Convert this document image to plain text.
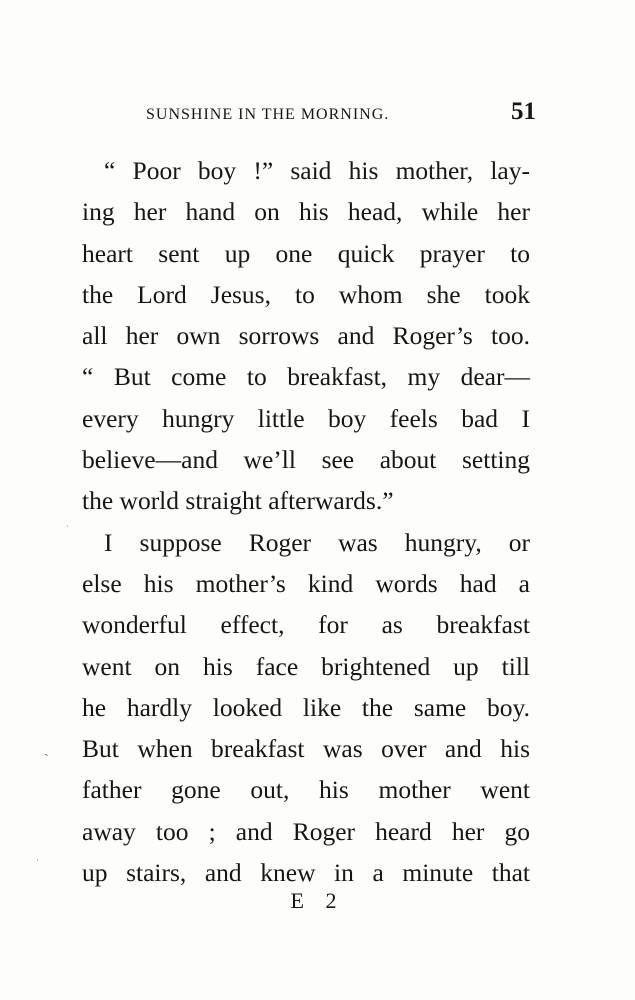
SUNSHINE IN THE MORNING.	51
“ Poor boy !” said his mother, lay-
ing her hand on his head, while her
heart sent up one quick prayer to
the Lord Jesus, to whom she took
all her own sorrows and Roger’s too.
“ But come to breakfast, my dear—
every hungry little boy feels bad I
believe—and we’ll see about setting
the world straight afterwards.”
I suppose Roger was hungry, or
else his mother’s kind words had a
wonderful effect, for as breakfast
went on his face brightened up till
he hardly looked like the same boy.
But when breakfast was over and his
father gone out, his mother went
away too ; and Roger heard her go
up stairs, and knew in a minute that
E 2
ˏ
·
·
